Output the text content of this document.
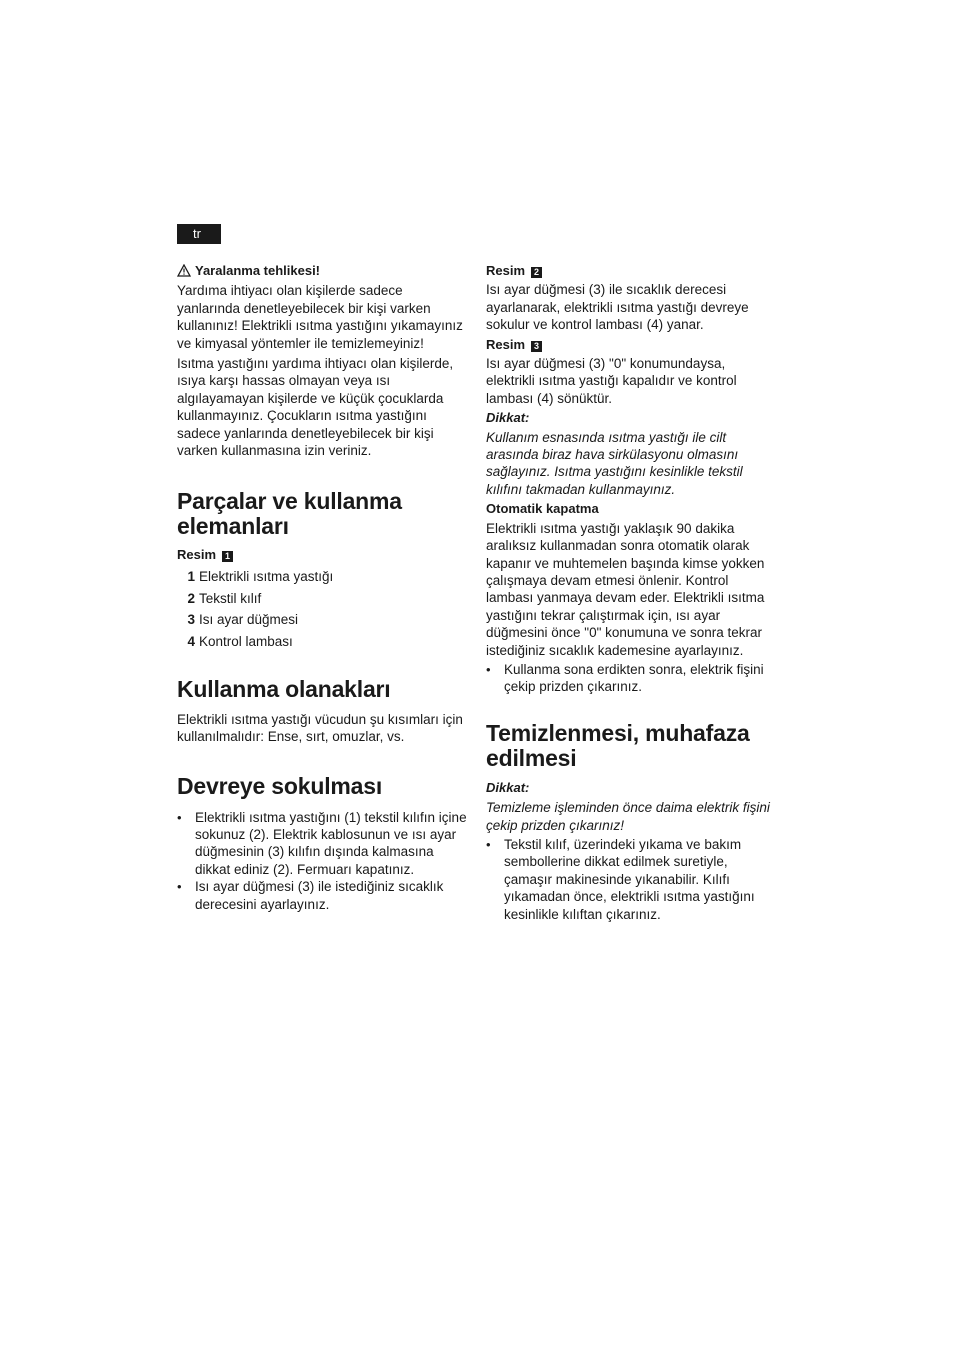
tr
Yaralanma tehlikesi!

Yardıma ihtiyacı olan kişilerde sadece yanlarında denetleyebilecek bir kişi varken kullanınız! Elektrikli ısıtma yastığını yıkamayınız ve kimyasal yöntemler ile temizlemeyiniz!

Isıtma yastığını yardıma ihtiyacı olan kişilerde, ısıya karşı hassas olmayan veya ısı algılayamayan kişilerde ve küçük çocuklarda kullanmayınız. Çocukların ısıtma yastığını sadece yanlarında denetleyebilecek bir kişi varken kullanmasına izin veriniz.

Parçalar ve kullanma elemanları

Resim 1

1 Elektrikli ısıtma yastığı
2 Tekstil kılıf
3 Isı ayar düğmesi
4 Kontrol lambası
Kullanma olanakları

Elektrikli ısıtma yastığı vücudun şu kısımları için kullanılmalıdır: Ense, sırt, omuzlar, vs.

Devreye sokulması
• Elektrikli ısıtma yastığını (1) tekstil kılıfın içine sokunuz (2). Elektrik kablosunun ve ısı ayar düğmesinin (3) kılıfın dışında kalmasına dikkat ediniz (2). Fermuarı kapatınız.
• Isı ayar düğmesi (3) ile istediğiniz sıcaklık derecesini ayarlayınız.

Resim 2

Isı ayar düğmesi (3) ile sıcaklık derecesi ayarlanarak, elektrikli ısıtma yastığı devreye sokulur ve kontrol lambası (4) yanar.

Resim 3

Isı ayar düğmesi (3) "0" konumundaysa, elektrikli ısıtma yastığı kapalıdır ve kontrol lambası (4) sönüktür.

Dikkat:

Kullanım esnasında ısıtma yastığı ile cilt arasında biraz hava sirkülasyonu olmasını sağlayınız. Isıtma yastığını kesinlikle tekstil kılıfını takmadan kullanmayınız.

Otomatik kapatma

Elektrikli ısıtma yastığı yaklaşık 90 dakika aralıksız kullanmadan sonra otomatik olarak kapanır ve muhtemelen başında kimse yokken çalışmaya devam etmesi önlenir. Kontrol lambası yanmaya devam eder. Elektrikli ısıtma yastığını tekrar çalıştırmak için, ısı ayar düğmesini önce "0" konumuna ve sonra tekrar istediğiniz sıcaklık kademesine ayarlayınız.

• Kullanma sona erdikten sonra, elektrik fişini çekip prizden çıkarınız.
Temizlenmesi, muhafaza edilmesi

Dikkat:

Temizleme işleminden önce daima elektrik fişini çekip prizden çıkarınız!

• Tekstil kılıf, üzerindeki yıkama ve bakım sembollerine dikkat edilmek suretiyle, çamaşır makinesinde yıkanabilir. Kılıfı yıkamadan önce, elektrikli ısıtma yastığını kesinlikle kılıftan çıkarınız.
